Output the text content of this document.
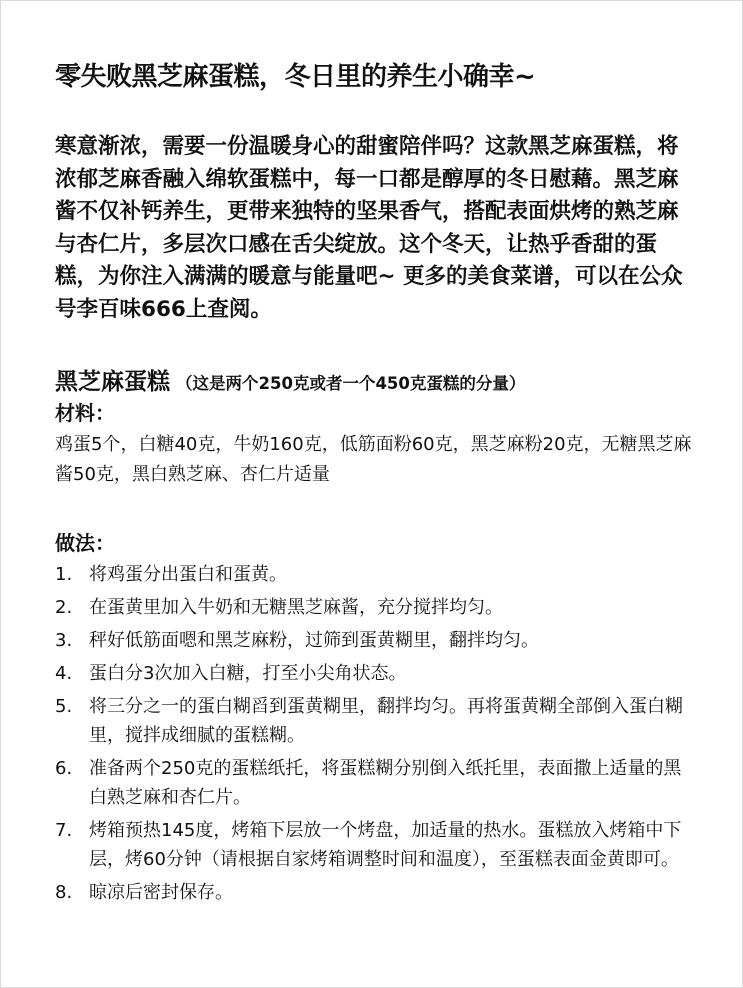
零失败黑芝麻蛋糕，冬日里的养生小确幸~

寒意渐浓，需要一份温暖身心的甜蜜陪伴吗？这款黑芝麻蛋糕，将浓郁芝麻香融入绵软蛋糕中，每一口都是醇厚的冬日慰藉。黑芝麻酱不仅补钙养生，更带来独特的坚果香气，搭配表面烘烤的熟芝麻与杏仁片，多层次口感在舌尖绽放。这个冬天，让热乎香甜的蛋糕，为你注入满满的暖意与能量吧~ 更多的美食菜谱，可以在公众号李百味666上查阅。

黑芝麻蛋糕 （这是两个250克或者一个450克蛋糕的分量）
材料：
鸡蛋5个，白糖40克，牛奶160克，低筋面粉60克，黑芝麻粉20克，无糖黑芝麻酱50克，黑白熟芝麻、杏仁片适量
做法：
1. 将鸡蛋分出蛋白和蛋黄。
2. 在蛋黄里加入牛奶和无糖黑芝麻酱，充分搅拌均匀。
3. 秤好低筋面嗯和黑芝麻粉，过筛到蛋黄糊里，翻拌均匀。
4. 蛋白分3次加入白糖，打至小尖角状态。
5. 将三分之一的蛋白糊舀到蛋黄糊里，翻拌均匀。再将蛋黄糊全部倒入蛋白糊里，搅拌成细腻的蛋糕糊。
6. 准备两个250克的蛋糕纸托，将蛋糕糊分别倒入纸托里，表面撒上适量的黑白熟芝麻和杏仁片。
7. 烤箱预热145度，烤箱下层放一个烤盘，加适量的热水。蛋糕放入烤箱中下层，烤60分钟（请根据自家烤箱调整时间和温度），至蛋糕表面金黄即可。
8. 晾凉后密封保存。
